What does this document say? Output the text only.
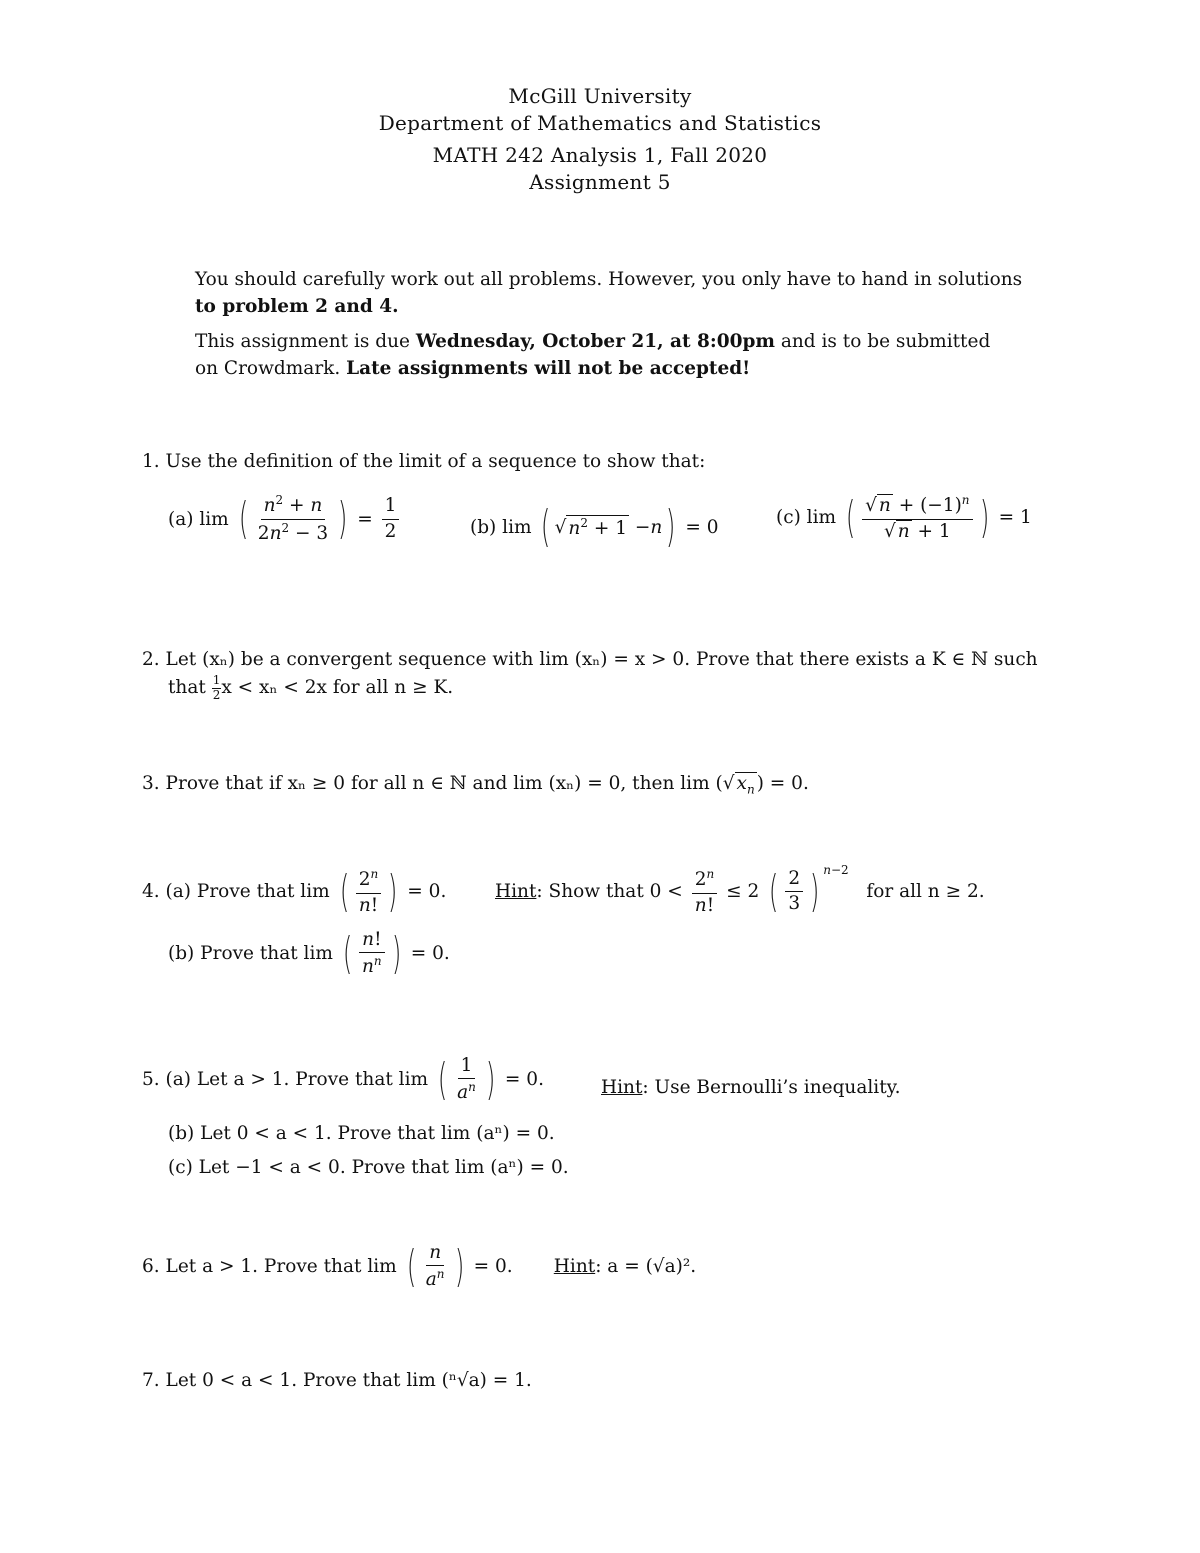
McGill University
Department of Mathematics and Statistics
MATH 242 Analysis 1, Fall 2020
Assignment 5
You should carefully work out all problems. However, you only have to hand in solutions
to problem 2 and 4.
This assignment is due Wednesday, October 21, at 8:00pm and is to be submitted
on Crowdmark. Late assignments will not be accepted!
1. Use the definition of the limit of a sequence to show that:
(a) lim ( $\frac{n^2 + n}{2n^2 - 3}$ ) = $\frac{1}{2}$	(b) lim ( √ $n^2 + 1 - n$ ) = 0	(c) lim ( $\frac{√ n + (-1)^n}{√ n + 1}$ ) = 1
2. Let (xₙ) be a convergent sequence with lim (xₙ) = x > 0. Prove that there exists a K ∈ ℕ such
that $\frac{1}{2}$ x < xₙ < 2x for all n ≥ K.
3. Prove that if xₙ ≥ 0 for all n ∈ ℕ and lim (xₙ) = 0, then lim (√ $x_n$ ) = 0.
4.
(a) Prove that lim
( $\frac{2^n}{n!}$ ) = 0.	Hint : Show that 0 <
$\frac{2^n}{n!} \le 2$ ( $\frac{2}{3}$ ) $^{n-2}$

for all n ≥ 2.
(b) Prove that lim
( $\frac{n!}{n^n}$ ) = 0.
5.
(a) Let a > 1. Prove that lim
( $\frac{1}{a^n}$ ) = 0.	Hint: Use Bernoulli’s inequality.
(b) Let 0 < a < 1. Prove that lim (aⁿ) = 0.
(c) Let −1 < a < 0. Prove that lim (aⁿ) = 0.
6.
Let a > 1. Prove that lim
( $\frac{n}{a^n}$ ) = 0. Hint : a = (√a)².
7. Let 0 < a < 1. Prove that lim (ⁿ√a) = 1.
